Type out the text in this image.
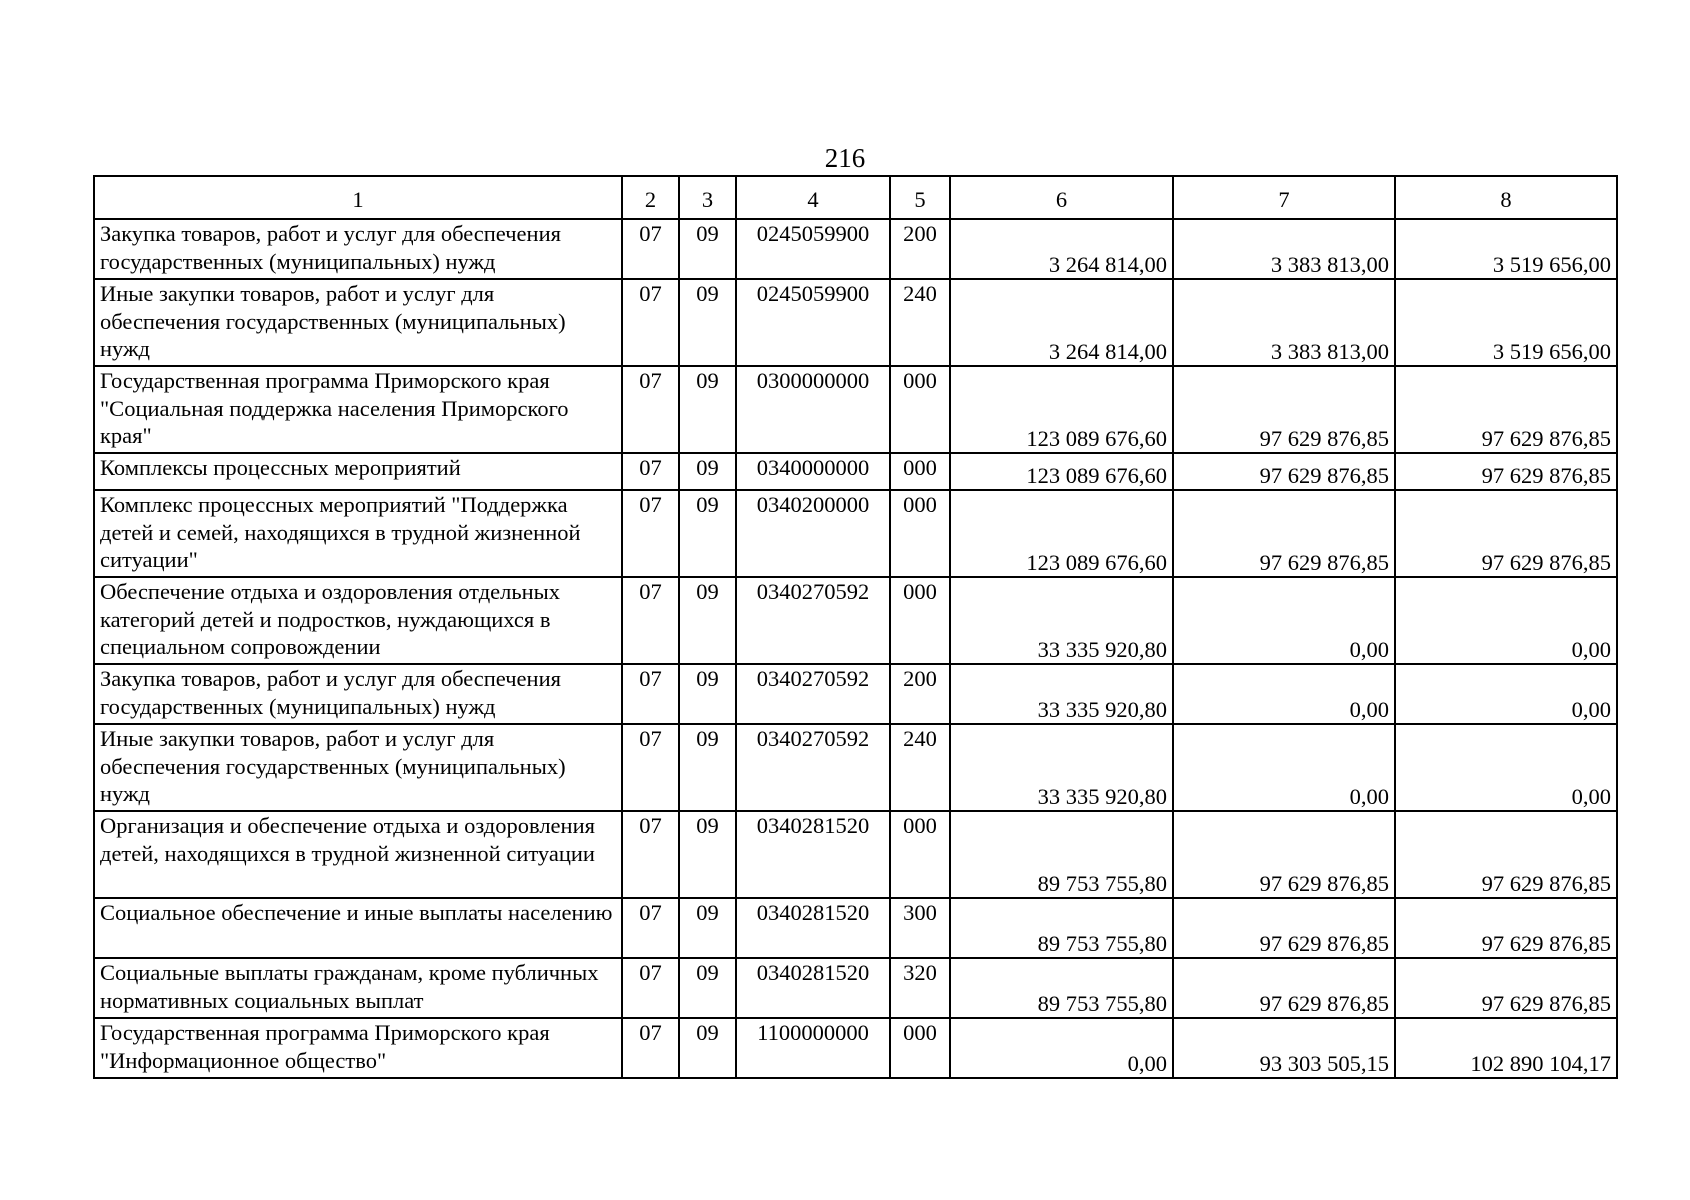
216
1	2	3	4	5	6	7	8
Закупка товаров, работ и услуг для обеспечения государственных (муниципальных) нужд	07	09	0245059900	200	3 264 814,00	3 383 813,00	3 519 656,00
Иные закупки товаров, работ и услуг для обеспечения государственных (муниципальных) нужд	07	09	0245059900	240	3 264 814,00	3 383 813,00	3 519 656,00
Государственная программа Приморского края "Социальная поддержка населения Приморского края"	07	09	0300000000	000	123 089 676,60	97 629 876,85	97 629 876,85
Комплексы процессных мероприятий	07	09	0340000000	000	123 089 676,60	97 629 876,85	97 629 876,85
Комплекс процессных мероприятий "Поддержка детей и семей, находящихся в трудной жизненной ситуации"	07	09	0340200000	000	123 089 676,60	97 629 876,85	97 629 876,85
Обеспечение отдыха и оздоровления отдельных категорий детей и подростков, нуждающихся в специальном сопровождении	07	09	0340270592	000	33 335 920,80	0,00	0,00
Закупка товаров, работ и услуг для обеспечения государственных (муниципальных) нужд	07	09	0340270592	200	33 335 920,80	0,00	0,00
Иные закупки товаров, работ и услуг для обеспечения государственных (муниципальных) нужд	07	09	0340270592	240	33 335 920,80	0,00	0,00
Организация и обеспечение отдыха и оздоровления детей, находящихся в трудной жизненной ситуации	07	09	0340281520	000	89 753 755,80	97 629 876,85	97 629 876,85
Социальное обеспечение и иные выплаты населению	07	09	0340281520	300	89 753 755,80	97 629 876,85	97 629 876,85
Социальные выплаты гражданам, кроме публичных нормативных социальных выплат	07	09	0340281520	320	89 753 755,80	97 629 876,85	97 629 876,85
Государственная программа Приморского края "Информационное общество"	07	09	1100000000	000	0,00	93 303 505,15	102 890 104,17
